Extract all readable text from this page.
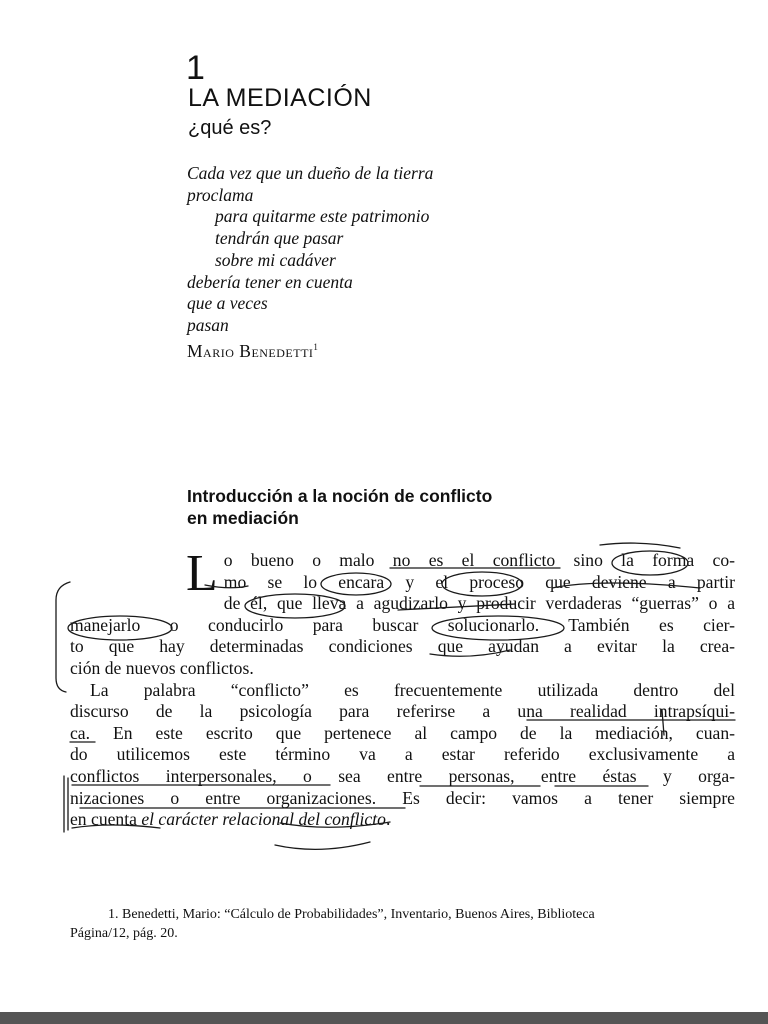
1
LA MEDIACIÓN
¿qué es?
Cada vez que un dueño de la tierra
proclama
para quitarme este patrimonio
tendrán que pasar
sobre mi cadáver
debería tener en cuenta
que a veces
pasan
Mario Benedetti$^1$
Introducción a la noción de conflicto
en mediación
L o bueno o malo no es el conflicto sino la forma co-
mo se lo encara y el proceso que deviene a partir
de él, que lleva a agudizarlo y producir verdaderas “guerras” o a
manejarlo o conducirlo para buscar solucionarlo. También es cier-
to que hay determinadas condiciones que ayudan a evitar la crea-
ción de nuevos conflictos.
La palabra “conflicto” es frecuentemente utilizada dentro del
discurso de la psicología para referirse a una realidad intrapsíqui-
ca. En este escrito que pertenece al campo de la mediación, cuan-
do utilicemos este término va a estar referido exclusivamente a
conflictos interpersonales, o sea entre personas, entre éstas y orga-
nizaciones o entre organizaciones. Es decir: vamos a tener siempre
en cuenta el carácter relacional del conflicto.
1. Benedetti, Mario: “Cálculo de Probabilidades”, Inventario, Buenos Aires, Biblioteca
Página/12, pág. 20.
